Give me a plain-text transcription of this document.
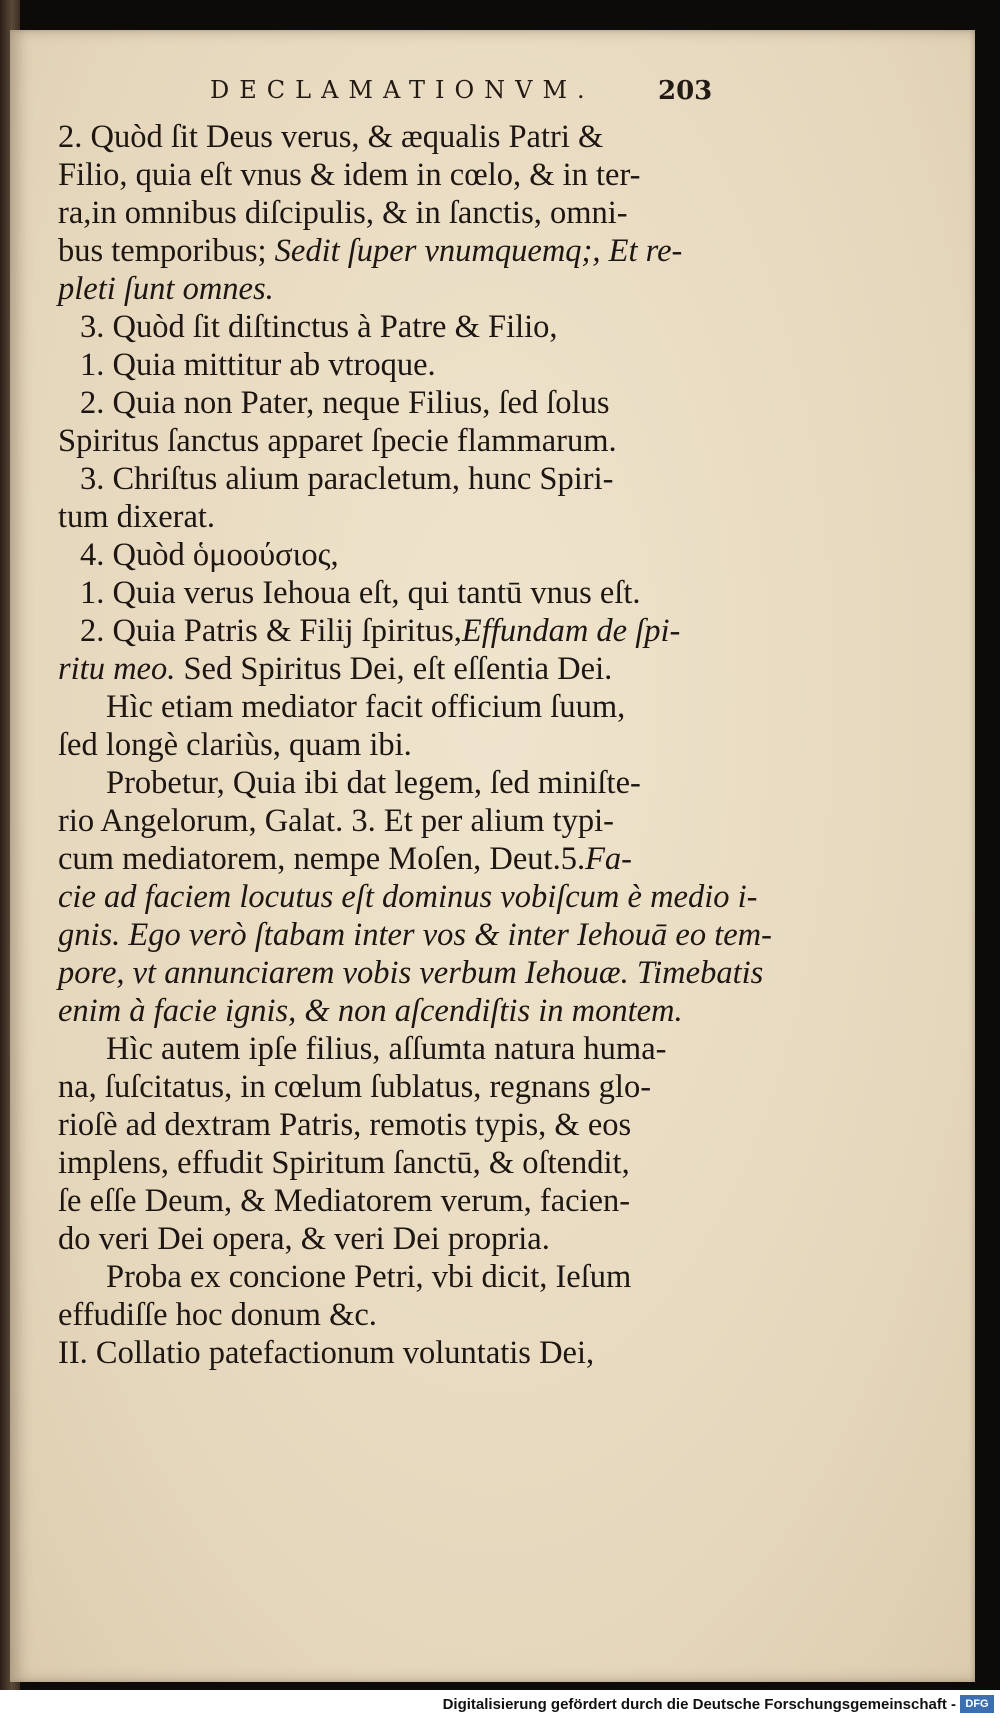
DECLAMATIONVM. 203
2. Quòd ſit Deus verus, & æqualis Patri &
Filio, quia eſt vnus & idem in cœlo, & in ter-
ra,in omnibus diſcipulis, & in ſanctis, omni-
bus temporibus; Sedit ſuper vnumquemq;, Et re-
pleti ſunt omnes.
3. Quòd ſit diſtinctus à Patre & Filio,
1. Quia mittitur ab vtroque.
2. Quia non Pater, neque Filius, ſed ſolus
Spiritus ſanctus apparet ſpecie flammarum.
3. Chriſtus alium paracletum, hunc Spiri-
tum dixerat.
4. Quòd ὁμοούσιος,
1. Quia verus Iehoua eſt, qui tantū vnus eſt.
2. Quia Patris & Filij ſpiritus,Effundam de ſpi-
ritu meo. Sed Spiritus Dei, eſt eſſentia Dei.
Hìc etiam mediator facit officium ſuum,
ſed longè clariùs, quam ibi.
Probetur, Quia ibi dat legem, ſed miniſte-
rio Angelorum, Galat. 3. Et per alium typi-
cum mediatorem, nempe Moſen, Deut.5.Fa-
cie ad faciem locutus eſt dominus vobiſcum è medio i-
gnis. Ego verò ſtabam inter vos & inter Iehouā eo tem-
pore, vt annunciarem vobis verbum Iehouæ. Timebatis
enim à facie ignis, & non aſcendiſtis in montem.
Hìc autem ipſe filius, aſſumta natura huma-
na, ſuſcitatus, in cœlum ſublatus, regnans glo-
rioſè ad dextram Patris, remotis typis, & eos
implens, effudit Spiritum ſanctū, & oſtendit,
ſe eſſe Deum, & Mediatorem verum, facien-
do veri Dei opera, & veri Dei propria.
Proba ex concione Petri, vbi dicit, Ieſum
effudiſſe hoc donum &c.
II. Collatio patefactionum voluntatis Dei,
Digitalisierung gefördert durch die Deutsche Forschungsgemeinschaft - DFG
